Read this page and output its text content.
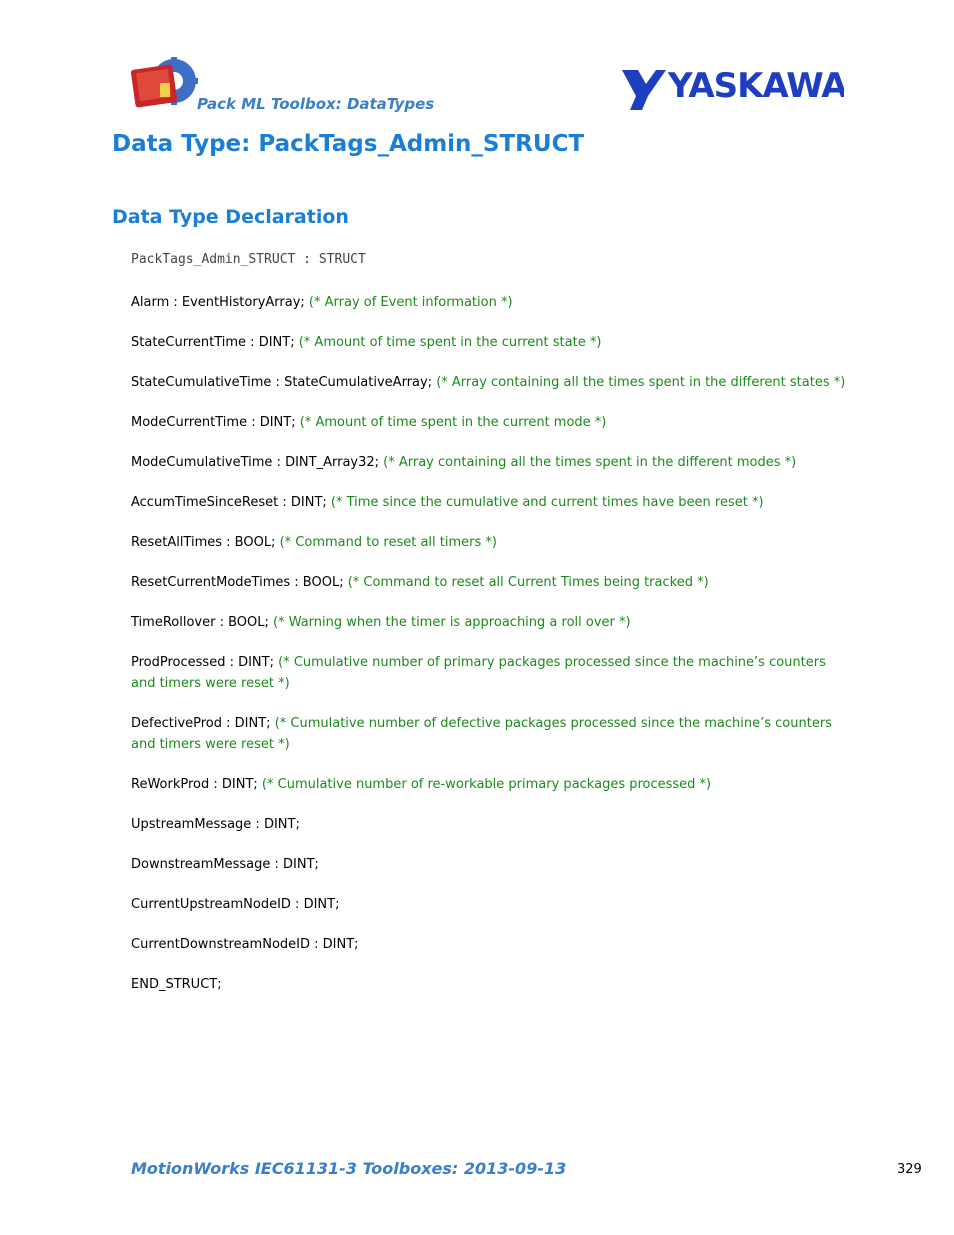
Pack ML Toolbox: DataTypes	YASKAWA
Data Type: PackTags_Admin_STRUCT
Data Type Declaration
PackTags_Admin_STRUCT : STRUCT

Alarm : EventHistoryArray; (* Array of Event information *)

StateCurrentTime : DINT; (* Amount of time spent in the current state *)

StateCumulativeTime : StateCumulativeArray; (* Array containing all the times spent in the different states *)

ModeCurrentTime : DINT; (* Amount of time spent in the current mode *)

ModeCumulativeTime : DINT_Array32; (* Array containing all the times spent in the different modes *)

AccumTimeSinceReset : DINT; (* Time since the cumulative and current times have been reset *)

ResetAllTimes : BOOL; (* Command to reset all timers *)

ResetCurrentModeTimes : BOOL; (* Command to reset all Current Times being tracked *)

TimeRollover : BOOL; (* Warning when the timer is approaching a roll over *)

ProdProcessed : DINT; (* Cumulative number of primary packages processed since the machine’s counters and timers were reset *)

DefectiveProd : DINT; (* Cumulative number of defective packages processed since the machine’s counters and timers were reset *)

ReWorkProd : DINT; (* Cumulative number of re-workable primary packages processed *)

UpstreamMessage : DINT;

DownstreamMessage : DINT;

CurrentUpstreamNodeID : DINT;

CurrentDownstreamNodeID : DINT;

END_STRUCT;

MotionWorks IEC61131-3 Toolboxes: 2013-09-13	329
